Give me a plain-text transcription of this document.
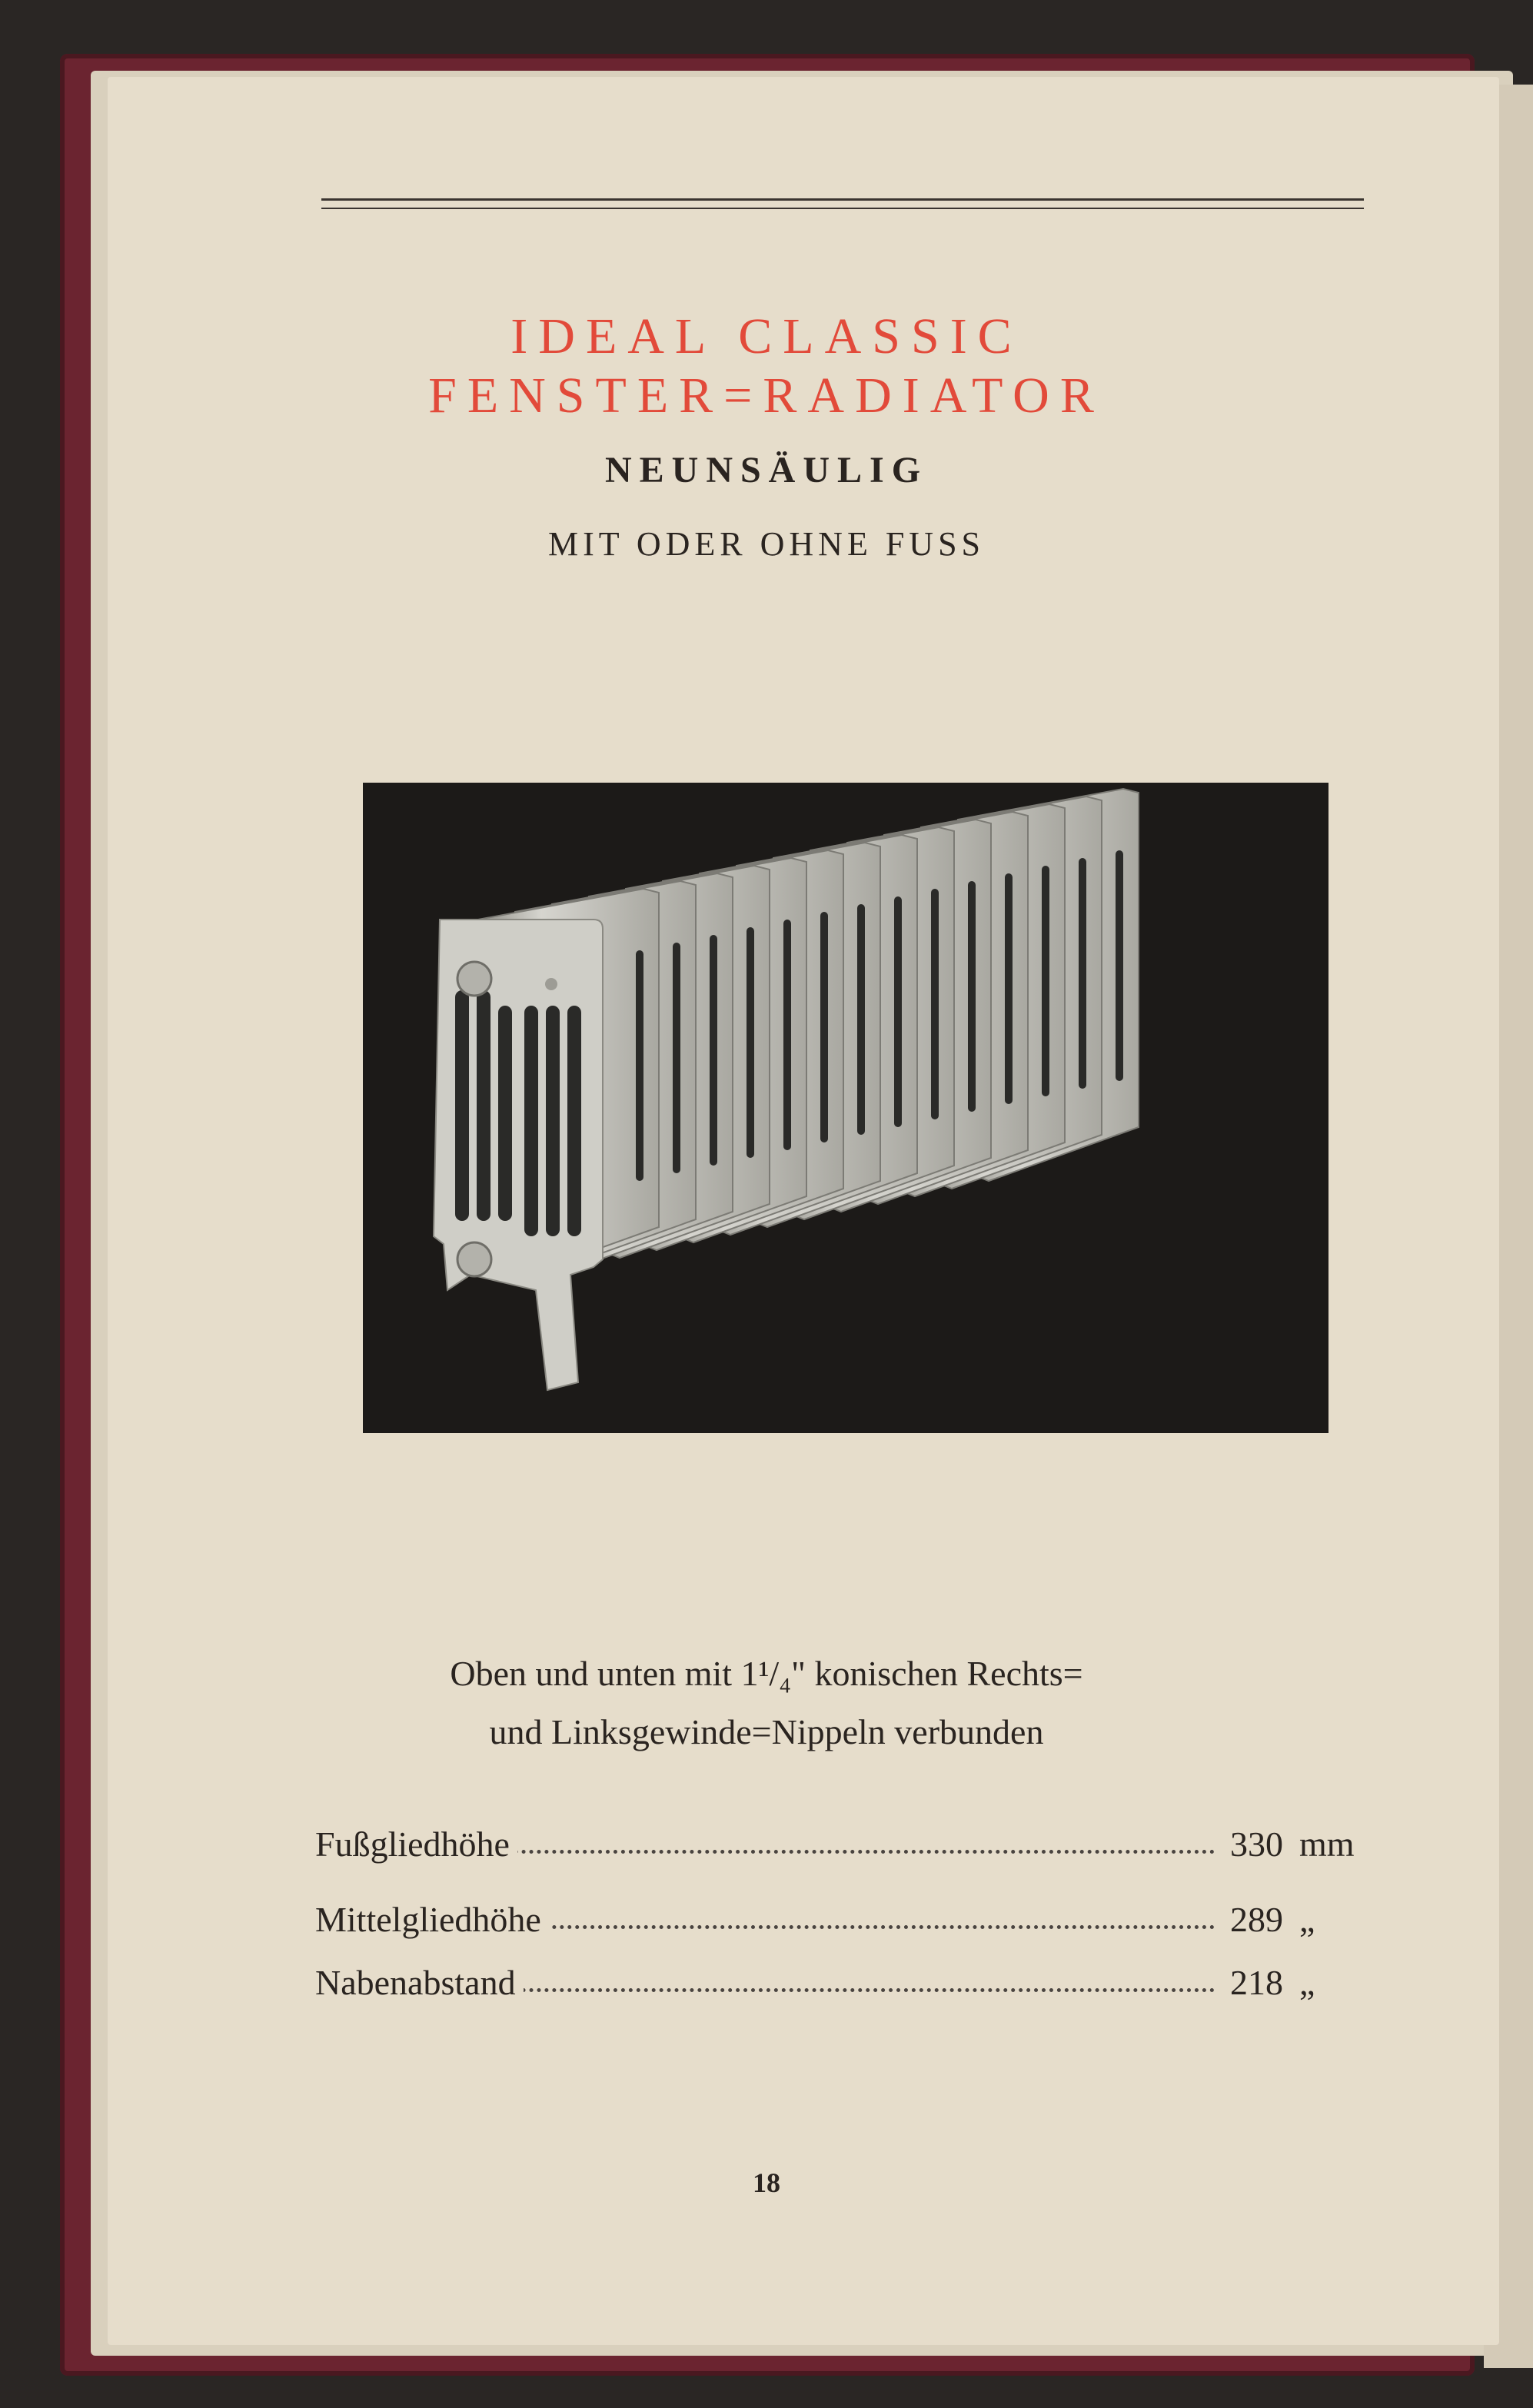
IDEAL CLASSIC
FENSTER=RADIATOR
NEUNSÄULIG
MIT ODER OHNE FUSS
Oben und unten mit 1¹/₄" konischen Rechts=
und Linksgewinde=Nippeln verbunden
Fußgliedhöhe	330 mm
Mittelgliedhöhe	289 „
Nabenabstand	218 „
18
